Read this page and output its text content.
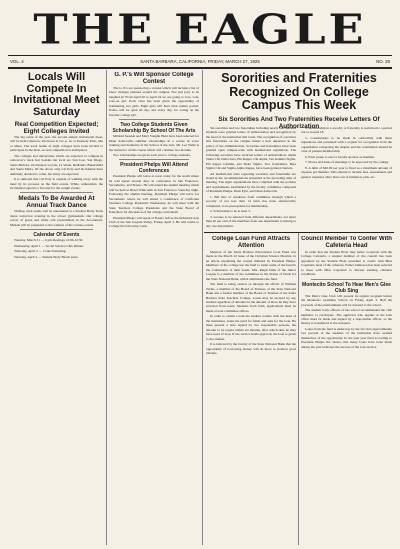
THE EAGLE
VOL. 4	SANTA BARBARA, CALIFORNIA, FRIDAY, MARCH 27, 1925	NO. 28

Locals Will Compete In Invitational Meet Saturday

Real Competition Expected; Eight Colleges Invited

The big event of the year, the second annual invitational meet, will be held tomorrow afternoon at two p. m. at Peabody Park, rain or shine. The track teams of eight colleges have been invited to participate in the meet, as real competition is anticipated.

The colleges and universities which are expected to compete in tomorrow's track fest besides the local are San Jose, San Diego, Santa Barbara, Occidental, Loyola, La Verne, Redlands, Bakersfield and Santa Maria. Of the above only Cal Poly and Occidental have definitely decided to come, but many are expected.

It is rumored that Cal Poly is capable of walking away with the meet by its prowess on the field events. While, unheralded, the Occidental squad is a favorite for the weight events.

Medals To Be Awarded At Annual Track Dance

Visiting track teams will be entertained at a Student Body Track dance tomorrow evening in the school gymnasium. Our college colors of green and white will predominate in the decorations. Medals will be presented to the winners of the various events.

Calendar Of Events

Tuesday, March 31 — Gym meetings 12:00-12:30.

Wednesday, April 1 — Social Science Club Dinner.

Thursday, April 2 — Council meeting.

Saturday, April 4 — Student Body Beach party.

G. P.'s Will Sponsor College Contest

The G. P.'s are sponsoring a contest which will include a list of know changes planned around the campus. Not just (sic) to be laughed at! From April 20 to April 24 we are going to vote, vote, vote-on girl. Each class has been given the opportunity of nominating two girls. Eight girls will have their names posted. Pollso will be open all day, and every day, for voting on the favorite college girl.

Two College Students Given Scholarship By School Of The Arts

Mildred Seaside and Mary Vaughn Hunt have been selected for Dean Ashworth's summer scholarships in a course in voice training and dramatics at the School of the Arts. Mr. Lee Wells is the instructor of this course which will continue two months.

Two scholarships are given each year to college students.

President Phelps Will Attend Conferences

President Phelps will leave at noon today for the south where he will spend several days in conference in San Francisco, Sacramento, and Fresno. He will attend the alumni meeting which will be held at Hotel Whitcomb in San Francisco Saturday night. Following the alumni meeting, President Phelps will leave for Sacramento where he will attend a conference of California Teachers College Presidents Wednesday, he will meet with the State Teachers College Presidents and the State Board of Education for discussion of the college curriculum.

President Phelps will speak at Fresno before the Industrial Arts Club of the San Joaquin Valley, Friday, April 3. He will return to College the following week.

Sororities and Fraternities Recognized On College Campus This Week

Six Sororities And Two Fraternities Receive Letters Of Authorization

Six sororities and two fraternities including nearly one hundred students were granted letters of authorization and recognition by the head of the institution this week. The recognition of sororities and fraternities on the campus marks a new departure in the policy of the administration. Sororities and fraternities have been granted open campus-wide with institutional regulations. The following sororities have received letters of authorization: Alpha Theta Chi, Delta Zeta, Phi Kappa, Chi Alpha, Tau Gamma Sigma, Phi Kappa Gamma, and Delta Sigma. Two fraternities, Beta Sigma Chi and Sigma Alpha Kappa, have been granted charters.

All institutional rules regarding sororities and fraternities are stated in the recommendations presented at the preceding time of meeting. The eight organizations have complied with the policies and requirements established by the faculty committee composed of President Phelps, Dean Pyle, and Dean Ashworth.

1. Bid lists of residence from committee through which a sorority of not less than 14 rules has been satisfactorily completed, to be prerequisite for membership.

2. Scholarship to be at least 3.

3. Groups to be selected from different departments, not more than 40 per cent of the members from one department to belong to any one department.

4. Membership in a sorority or fraternity is restricted to a period not to exceed 18.

5. Constitutions to be made in conformity with these regulations and presented with a request for recognition from the organization composing the chapter and the constitution should be a list of present membership.

6. Each group to elect a faculty sponsor as member.

7. Places and dates of meetings to be approved by the college.

8. A limit of $20.00 per year is fixed as a maximum amount of expense per member. This amount to include fees, assessments and general expenses other than cost of initiation, pins, etc.

College Loan Fund Attracts Attention

Mention of the Santa Barbara Educational Loan Fund was made in the March 22 issue of the Christian Science Monitor, in an article explaining the contest initiated by President Phelps. Members of the college use the fund to assist some of the fund in the continuance of their needs. Mrs. Ralph Dinn of the Junior League is a member of the committee in the matter of funds for the State National Bank, which administers the fund.

The fund is being carried on through the efforts of William Wyles, a member of the Board of Trustees of the State National Bank and a former member of the Board of Trustees of the Santa Barbara State Teachers College. Loans may be secured by any student regardless of amounts in the amount of those he may have received from loans. Students from fund, applications must be made at loan committee offices.

In order to obtain a loan the student confers with the head of the institution, states his need for funds and asks for the loan. He must present a note signed by two responsible persons, the amount to be repaid within six months, after which time he may have need of loan. If the service holds approval, the loan is given to the student.

It is believed by the faculty of the State National Bank that the opportunity of borrowing money will do more to produce good citizens.

Council Member To Confer With Cafeteria Head

In order that the Student Body may better cooperate with the College Cafeteria, a student member of the council has been appointed by the Student Body president to confer with Miss Copeland, head of the cafeteria. Esther Jamieson has been selected to meet with Miss Copeland to discuss existing cafeteria conditions.

Montecito School To Hear Men's Glee Club Sing

The Men's Glee Club will present its regular program before the Montecito Grammar School on Friday, April 3. Half the proceeds of the entertainment will be donated to the school.

The student body officers of the school recommended the club members to participate. The applicant who applies at the loan office must be made and signed by a responsible officer, so the money is transferred to the treasurer.

Loans from the fund is underway by the fact that approximately two percent of the students of the institution have availed themselves of the opportunity. In the past year fund according to President Phelps the chance that many loans have been made during the year indicates the success of the loan service.
